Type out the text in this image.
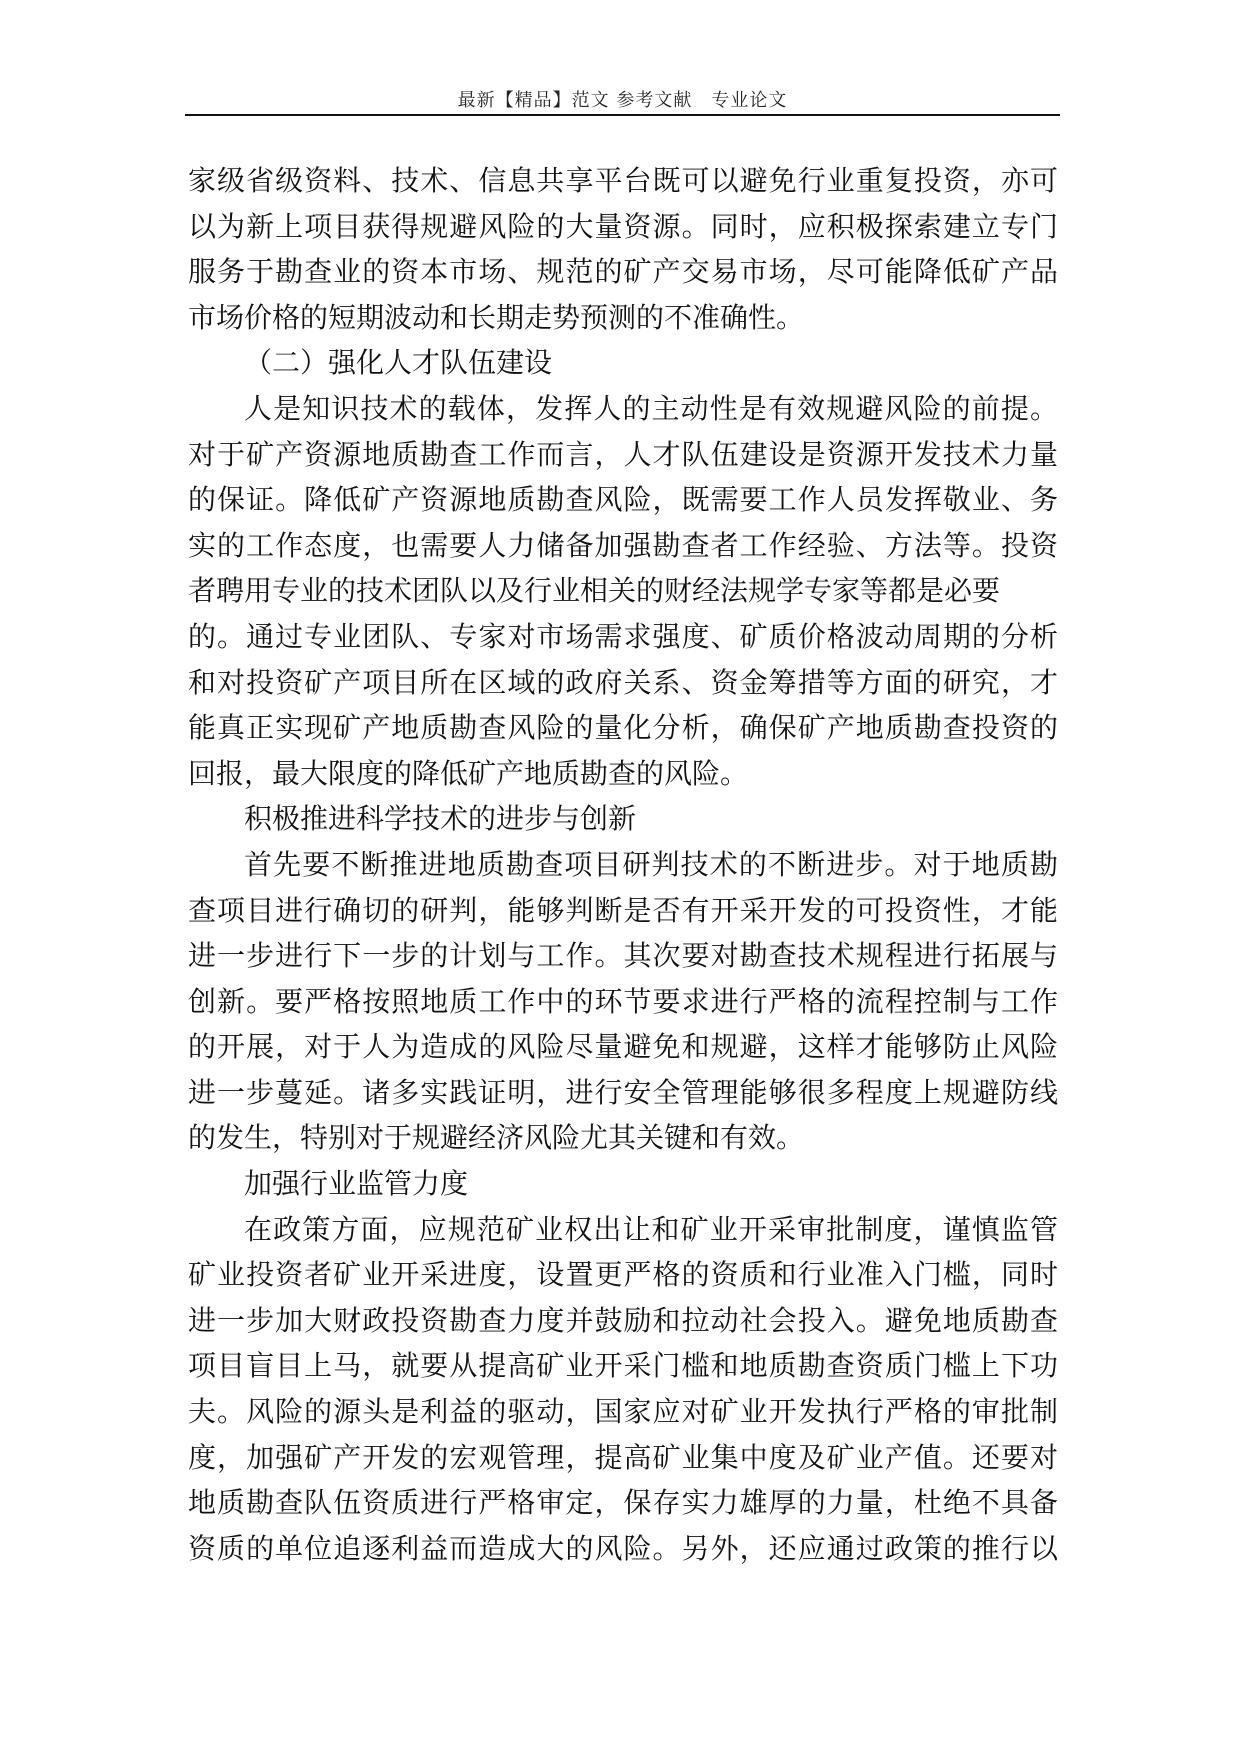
最新【精品】范文 参考文献　专业论文
家级省级资料、技术、信息共享平台既可以避免行业重复投资，亦可
以为新上项目获得规避风险的大量资源。同时，应积极探索建立专门
服务于勘查业的资本市场、规范的矿产交易市场，尽可能降低矿产品
市场价格的短期波动和长期走势预测的不准确性。
（二）强化人才队伍建设
人是知识技术的载体，发挥人的主动性是有效规避风险的前提。
对于矿产资源地质勘查工作而言，人才队伍建设是资源开发技术力量
的保证。降低矿产资源地质勘查风险，既需要工作人员发挥敬业、务
实的工作态度，也需要人力储备加强勘查者工作经验、方法等。投资
者聘用专业的技术团队以及行业相关的财经法规学专家等都是必要
的。通过专业团队、专家对市场需求强度、矿质价格波动周期的分析
和对投资矿产项目所在区域的政府关系、资金筹措等方面的研究，才
能真正实现矿产地质勘查风险的量化分析，确保矿产地质勘查投资的
回报，最大限度的降低矿产地质勘查的风险。
积极推进科学技术的进步与创新
首先要不断推进地质勘查项目研判技术的不断进步。对于地质勘
查项目进行确切的研判，能够判断是否有开采开发的可投资性，才能
进一步进行下一步的计划与工作。其次要对勘查技术规程进行拓展与
创新。要严格按照地质工作中的环节要求进行严格的流程控制与工作
的开展，对于人为造成的风险尽量避免和规避，这样才能够防止风险
进一步蔓延。诸多实践证明，进行安全管理能够很多程度上规避防线
的发生，特别对于规避经济风险尤其关键和有效。
加强行业监管力度
在政策方面，应规范矿业权出让和矿业开采审批制度，谨慎监管
矿业投资者矿业开采进度，设置更严格的资质和行业准入门槛，同时
进一步加大财政投资勘查力度并鼓励和拉动社会投入。避免地质勘查
项目盲目上马，就要从提高矿业开采门槛和地质勘查资质门槛上下功
夫。风险的源头是利益的驱动，国家应对矿业开发执行严格的审批制
度，加强矿产开发的宏观管理，提高矿业集中度及矿业产值。还要对
地质勘查队伍资质进行严格审定，保存实力雄厚的力量，杜绝不具备
资质的单位追逐利益而造成大的风险。另外，还应通过政策的推行以
